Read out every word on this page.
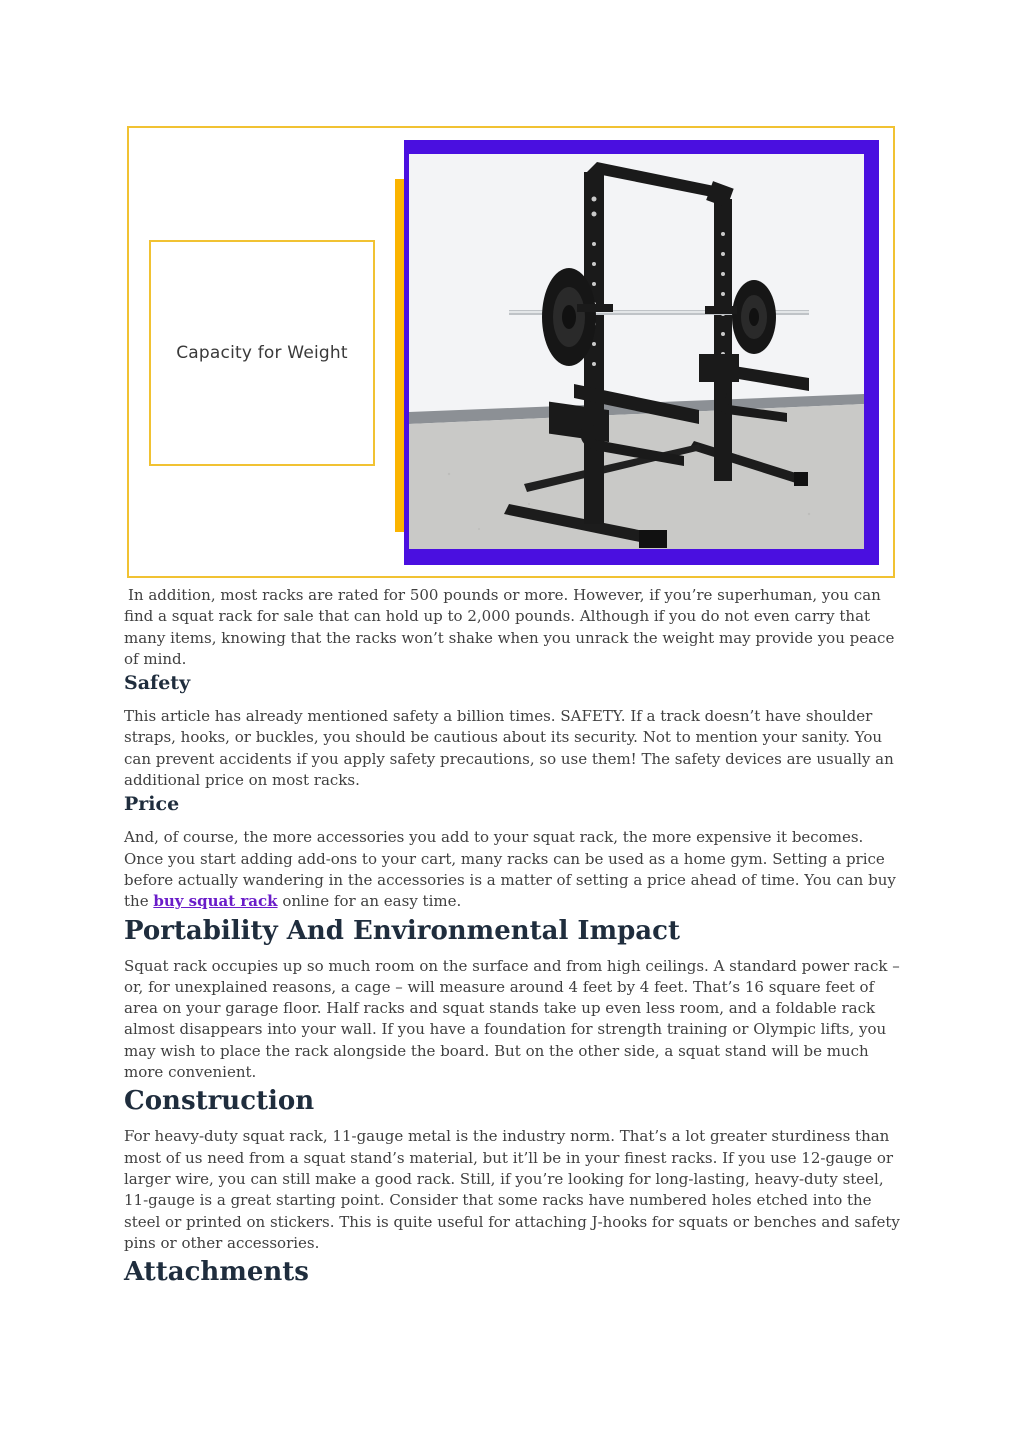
Capacity for Weight

In addition, most racks are rated for 500 pounds or more. However, if you’re superhuman, you can find a squat rack for sale that can hold up to 2,000 pounds. Although if you do not even carry that many items, knowing that the racks won’t shake when you unrack the weight may provide you peace of mind.

Safety

This article has already mentioned safety a billion times. SAFETY. If a track doesn’t have shoulder straps, hooks, or buckles, you should be cautious about its security. Not to mention your sanity. You can prevent accidents if you apply safety precautions, so use them! The safety devices are usually an additional price on most racks.

Price

And, of course, the more accessories you add to your squat rack, the more expensive it becomes. Once you start adding add-ons to your cart, many racks can be used as a home gym. Setting a price before actually wandering in the accessories is a matter of setting a price ahead of time. You can buy the buy squat rack online for an easy time.

Portability And Environmental Impact

Squat rack occupies up so much room on the surface and from high ceilings. A standard power rack – or, for unexplained reasons, a cage – will measure around 4 feet by 4 feet. That’s 16 square feet of area on your garage floor. Half racks and squat stands take up even less room, and a foldable rack almost disappears into your wall. If you have a foundation for strength training or Olympic lifts, you may wish to place the rack alongside the board. But on the other side, a squat stand will be much more convenient.

Construction

For heavy-duty squat rack, 11-gauge metal is the industry norm. That’s a lot greater sturdiness than most of us need from a squat stand’s material, but it’ll be in your finest racks. If you use 12-gauge or larger wire, you can still make a good rack. Still, if you’re looking for long-lasting, heavy-duty steel, 11-gauge is a great starting point. Consider that some racks have numbered holes etched into the steel or printed on stickers. This is quite useful for attaching J-hooks for squats or benches and safety pins or other accessories.

Attachments
